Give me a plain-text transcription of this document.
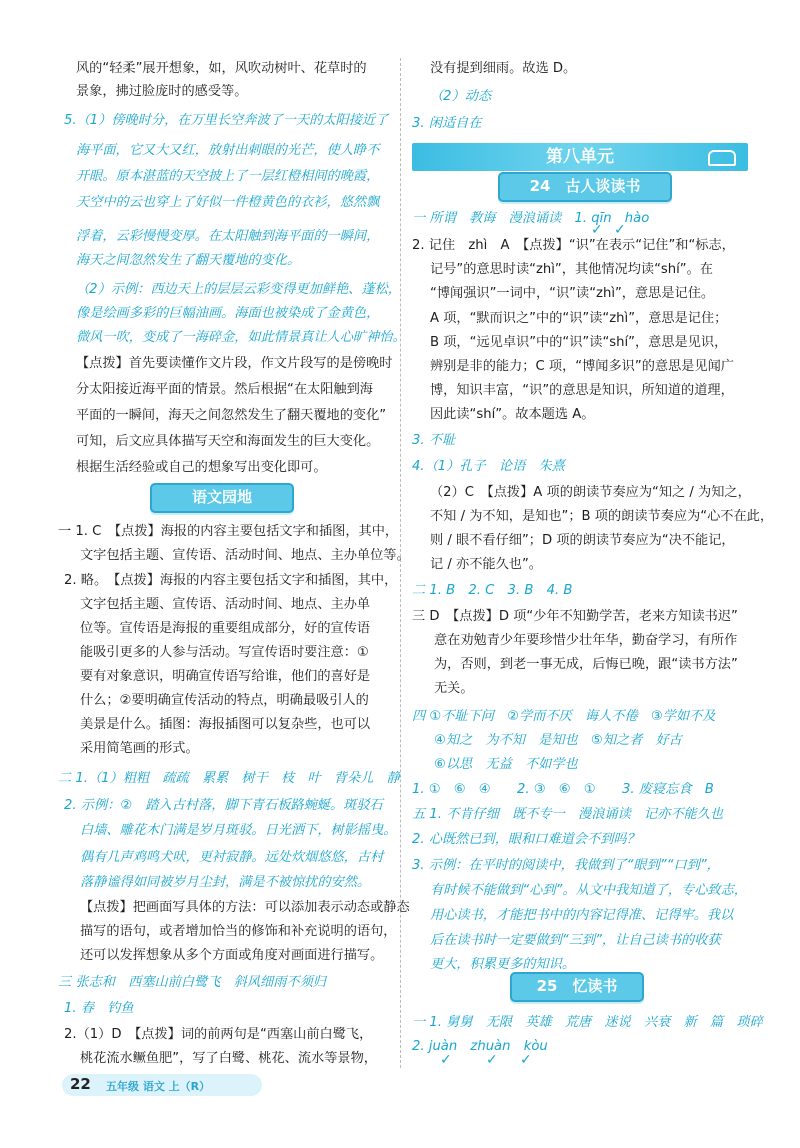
风的“轻柔”展开想象，如，风吹动树叶、花草时的
景象，拂过脸庞时的感受等。
5.（1）傍晚时分，在万里长空奔波了一天的太阳接近了
海平面，它又大又红，放射出刺眼的光芒，使人睁不
开眼。原本湛蓝的天空披上了一层红橙相间的晚霞，
天空中的云也穿上了好似一件橙黄色的衣衫，悠然飘
浮着，云彩慢慢变厚。在太阳触到海平面的一瞬间，
海天之间忽然发生了翻天覆地的变化。
（2）示例：西边天上的层层云彩变得更加鲜艳、蓬松，
像是绘画多彩的巨幅油画。海面也被染成了金黄色，
微风一吹，变成了一海碎金，如此情景真让人心旷神怡。
【点拨】首先要读懂作文片段，作文片段写的是傍晚时
分太阳接近海平面的情景。然后根据“在太阳触到海
平面的一瞬间，海天之间忽然发生了翻天覆地的变化”
可知，后文应具体描写天空和海面发生的巨大变化。
根据生活经验或自己的想象写出变化即可。
一 1. C　【点拨】海报的内容主要包括文字和插图，其中，
文字包括主题、宣传语、活动时间、地点、主办单位等。
2. 略。　【点拨】海报的内容主要包括文字和插图，其中，
文字包括主题、宣传语、活动时间、地点、主办单
位等。宣传语是海报的重要组成部分，好的宣传语
能吸引更多的人参与活动。写宣传语时要注意：①
要有对象意识，明确宣传语写给谁，他们的喜好是
什么；②要明确宣传活动的特点，明确最吸引人的
美景是什么。插图：海报插图可以复杂些，也可以
采用简笔画的形式。
二 1.（1）粗粗　疏疏　累累　树干　枝　叶　背朵儿　静
2. 示例：②　踏入古村落，脚下青石板路蜿蜒。斑驳石
白墙、雕花木门满是岁月斑驳。日光洒下，树影摇曳。
偶有几声鸡鸣犬吠，更衬寂静。远处炊烟悠悠，古村
落静谧得如同被岁月尘封，满是不被惊扰的安然。
【点拨】把画面写具体的方法：可以添加表示动态或静态
描写的语句，或者增加恰当的修饰和补充说明的语句，
还可以发挥想象从多个方面或角度对画面进行描写。
三 张志和　西塞山前白鹭飞　斜风细雨不须归
1. 春　钓鱼
2.（1）D　【点拨】词的前两句是“西塞山前白鹭飞，
桃花流水鳜鱼肥”，写了白鹭、桃花、流水等景物，
没有提到细雨。故选 D。
（2）动态
3. 闲适自在
一 所谓　教诲　漫浪诵读　1. qīn　hào
2. 记住　zhì　A　【点拨】“识”在表示“记住”和“标志，
记号”的意思时读“zhì”，其他情况均读“shí”。在
“博闻强识”一词中，“识”读“zhì”，意思是记住。
A 项，“默而识之”中的“识”读“zhì”，意思是记住；
B 项，“远见卓识”中的“识”读“shí”，意思是见识，
辨别是非的能力；C 项，“博闻多识”的意思是见闻广
博，知识丰富，“识”的意思是知识，所知道的道理，
因此读“shí”。故本题选 A。
3. 不耻
4.（1）孔子　论语　朱熹
（2）C　【点拨】A 项的朗读节奏应为“知之 / 为知之，
不知 / 为不知，是知也”；B 项的朗读节奏应为“心不在此，
则 / 眼不看仔细”；D 项的朗读节奏应为“决不能记，
记 / 亦不能久也”。
二 1. B　2. C　3. B　4. B
三 D　【点拨】D 项“少年不知勤学苦，老来方知读书迟”
意在劝勉青少年要珍惜少壮年华，勤奋学习，有所作
为，否则，到老一事无成，后悔已晚，跟“读书方法”
无关。
四 ①不耻下问　②学而不厌　诲人不倦　③学如不及
④知之　为不知　是知也　⑤知之者　好古
⑥以思　无益　不如学也
1. ①　⑥　④　　2. ③　⑥　①　　3. 废寝忘食　B
五 1. 不肯仔细　既不专一　漫浪诵读　记亦不能久也
2. 心既然已到，眼和口难道会不到吗？
3. 示例：在平时的阅读中，我做到了“眼到”“口到”，
有时候不能做到“心到”。从文中我知道了，专心致志，
用心读书，才能把书中的内容记得准、记得牢。我以
后在读书时一定要做到“三到”，让自己读书的收获
更大，积累更多的知识。
一 1. 舅舅　无限　英雄　荒唐　迷说　兴衰　新　篇　琐碎
2. juàn　zhuàn　kòu
语文园地
第八单元
24　古人谈读书
25　忆读书
✓ ✓
✓ ✓ ✓
22 五年级 语文 上（R）
